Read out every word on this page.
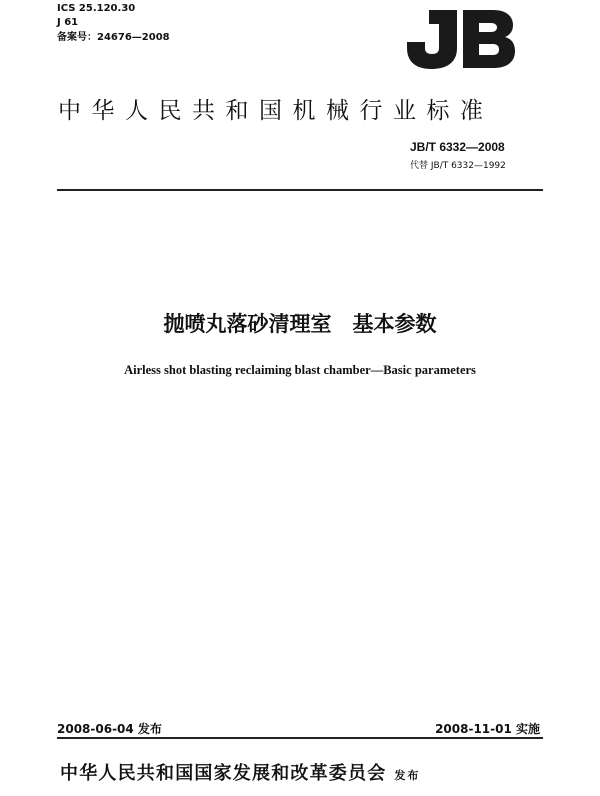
ICS 25.120.30
J 61
备案号：24676—2008
中华人民共和国机械行业标准
JB/T 6332—2008
代替 JB/T 6332—1992
抛喷丸落砂清理室　基本参数
Airless shot blasting reclaiming blast chamber—Basic parameters
2008-06-04 发布	2008-11-01 实施
中华人民共和国国家发展和改革委员会 发布
